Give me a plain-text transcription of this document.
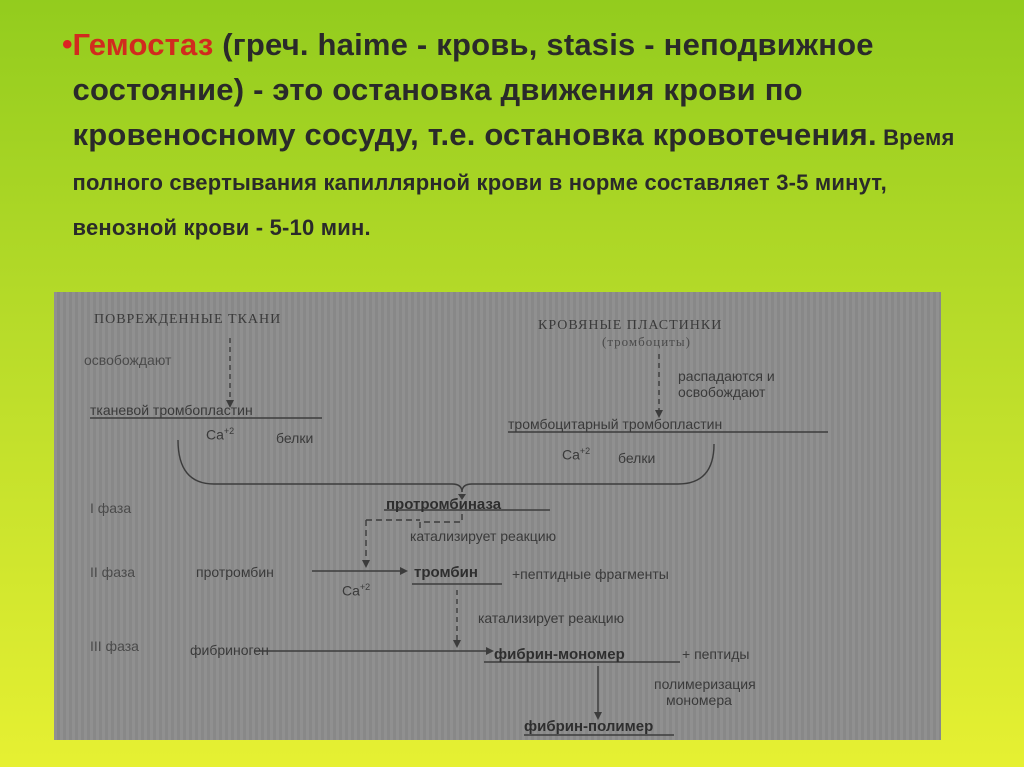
• Гемостаз (греч. haime - кровь, stasis - неподвижное состояние) - это остановка движения крови по кровеносному сосуду, т.е. остановка кровотечения. Время полного свертывания капиллярной крови в норме составляет 3-5 минут, венозной крови - 5-10 мин.
ПОВРЕЖДЕННЫЕ ТКАНИ
освобождают
тканевой тромбопластин
$Ca^{+2}$	белки
КРОВЯНЫЕ ПЛАСТИНКИ
(тромбоциты)
распадаются и
освобождают
тромбоцитарный тромбопластин
$Ca^{+2}$ белки
I фаза	протромбиназа
катализирует реакцию
II фаза	протромбин	тромбин +пептидные фрагменты
$Ca^{+2}$
катализирует реакцию
III фаза	фибриноген	фибрин-мономер	+ пептиды
полимеризация
мономера
фибрин-полимер
